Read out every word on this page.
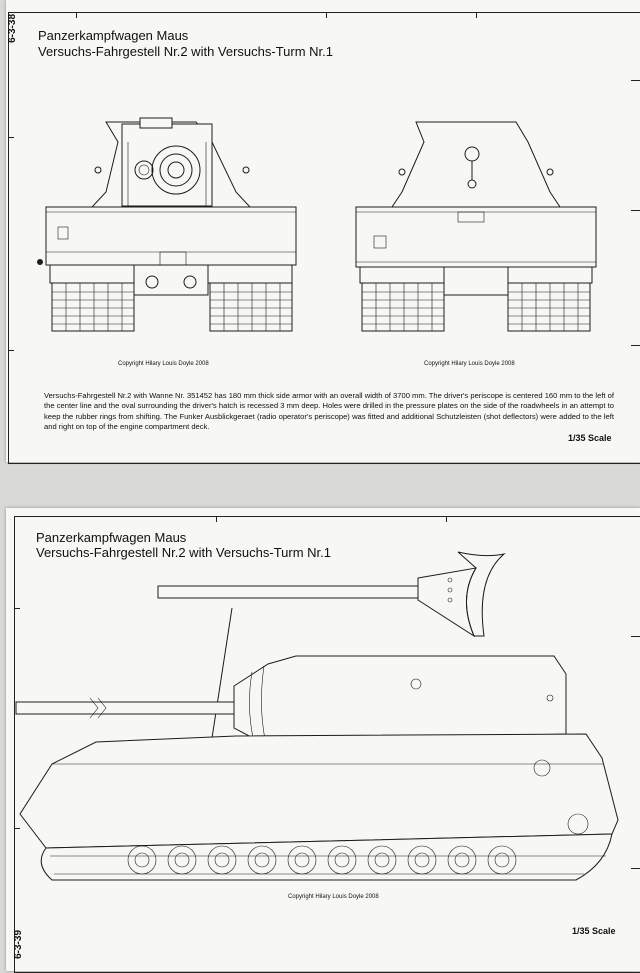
6-3-38 Panzerkampfwagen Maus
Versuchs-Fahrgestell Nr.2 with Versuchs-Turm Nr.1
Copyright Hilary Louis Doyle 2008	Copyright Hilary Louis Doyle 2008
Versuchs-Fahrgestell Nr.2 with Wanne Nr. 351452 has 180 mm thick side armor with an overall width of 3700 mm. The driver's periscope is centered 160 mm to the left of the center line and the oval surrounding the driver's hatch is recessed 3 mm deep. Holes were drilled in the pressure plates on the side of the roadwheels in an attempt to keep the rubber rings from shifting. The Funker Ausblickgeraet (radio operator's periscope) was fitted and additional Schutzleisten (shot deflectors) were added to the left and right on top of the engine compartment deck.
1/35 Scale
Panzerkampfwagen Maus
Versuchs-Fahrgestell Nr.2 with Versuchs-Turm Nr.1
Copyright Hilary Louis Doyle 2008
1/35 Scale
6-3-39
